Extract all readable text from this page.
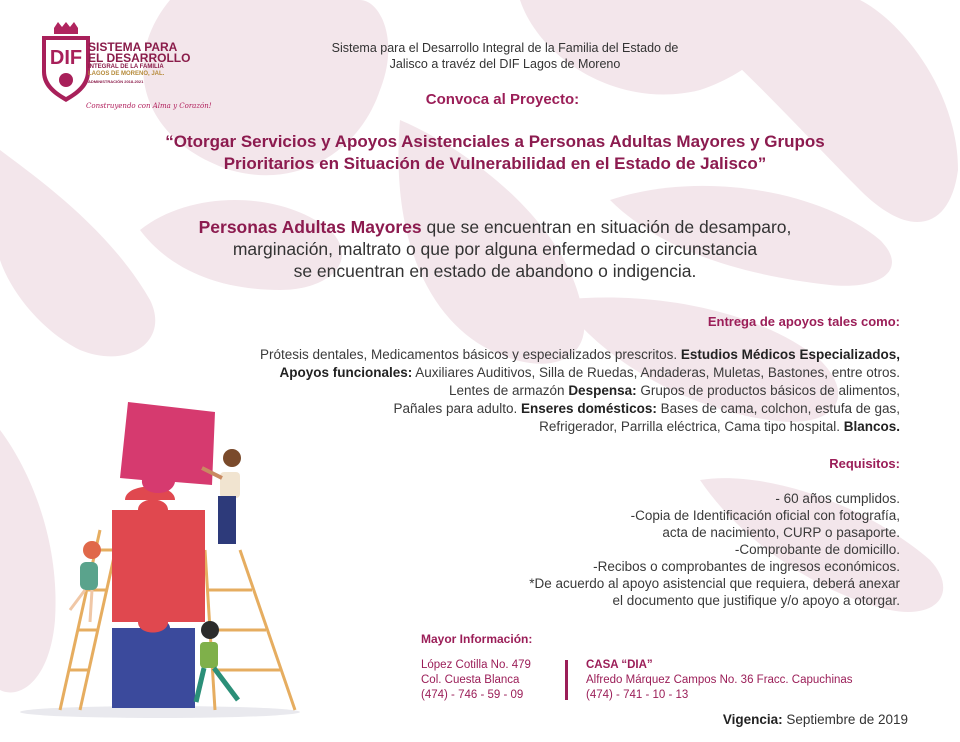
DIF SISTEMA PARA
EL DESARROLLO
INTEGRAL DE LA FAMILIA
LAGOS DE MORENO, JAL.
ADMINISTRACIÓN 2018-2021
Construyendo con Alma y Corazón!
Sistema para el Desarrollo Integral de la Familia del Estado de
Jalisco a travéz del DIF Lagos de Moreno
Convoca al Proyecto:
“Otorgar Servicios y Apoyos Asistenciales a Personas Adultas Mayores y Grupos
Prioritarios en Situación de Vulnerabilidad en el Estado de Jalisco”
Personas Adultas Mayores que se encuentran en situación de desamparo,
marginación, maltrato o que por alguna enfermedad o circunstancia
se encuentran en estado de abandono o indigencia.
Entrega de apoyos tales como:
Prótesis dentales, Medicamentos básicos y especializados prescritos. Estudios Médicos Especializados,
Apoyos funcionales: Auxiliares Auditivos, Silla de Ruedas, Andaderas, Muletas, Bastones, entre otros.
Lentes de armazón Despensa: Grupos de productos básicos de alimentos,
Pañales para adulto. Enseres domésticos: Bases de cama, colchon, estufa de gas,
Refrigerador, Parrilla eléctrica, Cama tipo hospital. Blancos.
Requisitos:
- 60 años cumplidos.
-Copia de Identificación oficial con fotografía,
acta de nacimiento, CURP o pasaporte.
-Comprobante de domicillo.
-Recibos o comprobantes de ingresos económicos.
*De acuerdo al apoyo asistencial que requiera, deberá anexar
el documento que justifique y/o apoyo a otorgar.
Mayor Información:
López Cotilla No. 479
Col. Cuesta Blanca
(474) - 746 - 59 - 09
CASA “DIA”
Alfredo Márquez Campos No. 36 Fracc. Capuchinas
(474) - 741 - 10 - 13
Vigencia: Septiembre de 2019
